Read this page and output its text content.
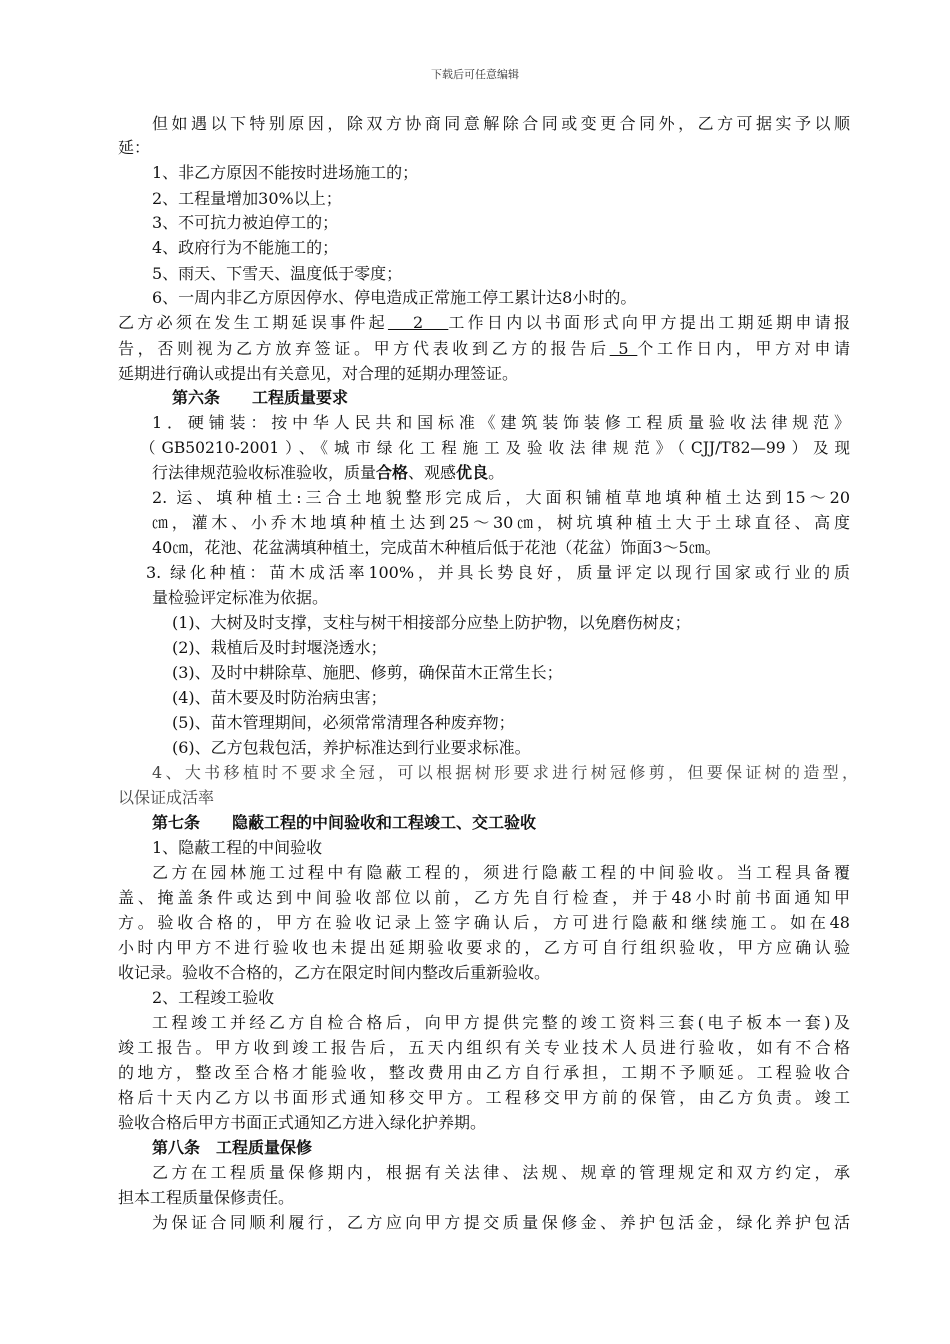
下载后可任意编辑
但如遇以下特别原因，除双方协商同意解除合同或变更合同外，乙方可据实予以顺
延：
1、非乙方原因不能按时进场施工的；
2、工程量增加30%以上；
3、不可抗力被迫停工的；
4、政府行为不能施工的；
5、雨天、下雪天、温度低于零度；
6、一周内非乙方原因停水、停电造成正常施工停工累计达8小时的。
乙方必须在发生工期延误事件起   2   工作日内以书面形式向甲方提出工期延期申请报
告，否则视为乙方放弃签证。甲方代表收到乙方的报告后 5 个工作日内，甲方对申请
延期进行确认或提出有关意见，对合理的延期办理签证。
第六条　　工程质量要求
1．硬铺装：按中华人民共和国标准《建筑装饰装修工程质量验收法律规范》
（GB50210-2001）、《城市绿化工程施工及验收法律规范》（CJJ/T82—99）及现
行法律规范验收标准验收，质量合格、观感优良。
2. 运、填种植土:三合土地貌整形完成后，大面积铺植草地填种植土达到15～20
㎝，灌木、小乔木地填种植土达到25～30㎝，树坑填种植土大于土球直径、高度
40㎝，花池、花盆满填种植土，完成苗木种植后低于花池（花盆）饰面3～5㎝。
3. 绿化种植：苗木成活率100%，并具长势良好，质量评定以现行国家或行业的质
量检验评定标准为依据。
(1)、大树及时支撑，支柱与树干相接部分应垫上防护物，以免磨伤树皮；
(2)、栽植后及时封堰浇透水；
(3)、及时中耕除草、施肥、修剪，确保苗木正常生长；
(4)、苗木要及时防治病虫害；
(5)、苗木管理期间，必须常常清理各种废弃物；
(6)、乙方包栽包活，养护标准达到行业要求标准。
4、大书移植时不要求全冠，可以根据树形要求进行树冠修剪，但要保证树的造型，
以保证成活率
第七条　　隐蔽工程的中间验收和工程竣工、交工验收
1、隐蔽工程的中间验收
乙方在园林施工过程中有隐蔽工程的，须进行隐蔽工程的中间验收。当工程具备覆
盖、掩盖条件或达到中间验收部位以前，乙方先自行检查，并于48小时前书面通知甲
方。验收合格的，甲方在验收记录上签字确认后，方可进行隐蔽和继续施工。如在48
小时内甲方不进行验收也未提出延期验收要求的，乙方可自行组织验收，甲方应确认验
收记录。验收不合格的，乙方在限定时间内整改后重新验收。
2、工程竣工验收
工程竣工并经乙方自检合格后，向甲方提供完整的竣工资料三套(电子板本一套)及
竣工报告。甲方收到竣工报告后，五天内组织有关专业技术人员进行验收，如有不合格
的地方，整改至合格才能验收，整改费用由乙方自行承担，工期不予顺延。工程验收合
格后十天内乙方以书面形式通知移交甲方。工程移交甲方前的保管，由乙方负责。竣工
验收合格后甲方书面正式通知乙方进入绿化护养期。
第八条　工程质量保修
乙方在工程质量保修期内，根据有关法律、法规、规章的管理规定和双方约定，承
担本工程质量保修责任。
为保证合同顺利履行，乙方应向甲方提交质量保修金、养护包活金，绿化养护包活
